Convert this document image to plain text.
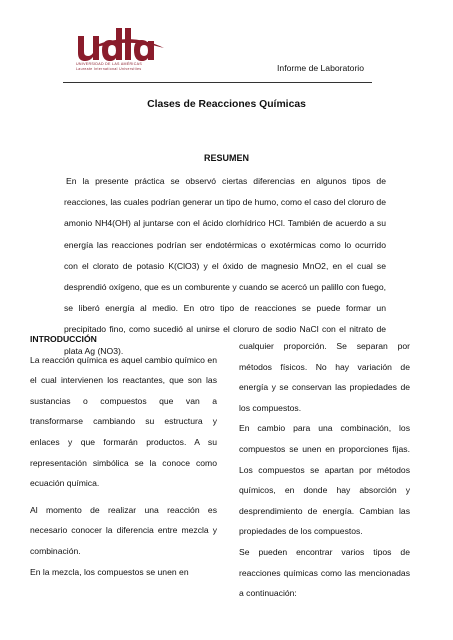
UNIVERSIDAD DE LAS AMÉRICAS
Laureate International Universities	Informe de Laboratorio
Clases de Reacciones Químicas
RESUMEN

En la presente práctica se observó ciertas diferencias en algunos tipos de reacciones, las cuales podrían generar un tipo de humo, como el caso del cloruro de amonio NH4(OH) al juntarse con el ácido clorhídrico HCl. También de acuerdo a su energía las reacciones podrían ser endotérmicas o exotérmicas como lo ocurrido con el clorato de potasio K(ClO3) y el óxido de magnesio MnO2, en el cual se desprendió oxígeno, que es un comburente y cuando se acercó un palillo con fuego, se liberó energía al medio. En otro tipo de reacciones se puede formar un precipitado fino, como sucedió al unirse el cloruro de sodio NaCl con el nitrato de plata Ag (NO3).

INTRODUCCIÓN

La reacción química es aquel cambio químico en el cual intervienen los reactantes, que son las sustancias o compuestos que van a transformarse cambiando su estructura y enlaces y que formarán productos. A su representación simbólica se la conoce como ecuación química.

Al momento de realizar una reacción es necesario conocer la diferencia entre mezcla y combinación.

En la mezcla, los compuestos se unen en

cualquier proporción. Se separan por métodos físicos. No hay variación de energía y se conservan las propiedades de los compuestos.

En cambio para una combinación, los compuestos se unen en proporciones fijas. Los compuestos se apartan por métodos químicos, en donde hay absorción y desprendimiento de energía. Cambian las propiedades de los compuestos.

Se pueden encontrar varios tipos de reacciones químicas como las mencionadas a continuación:
